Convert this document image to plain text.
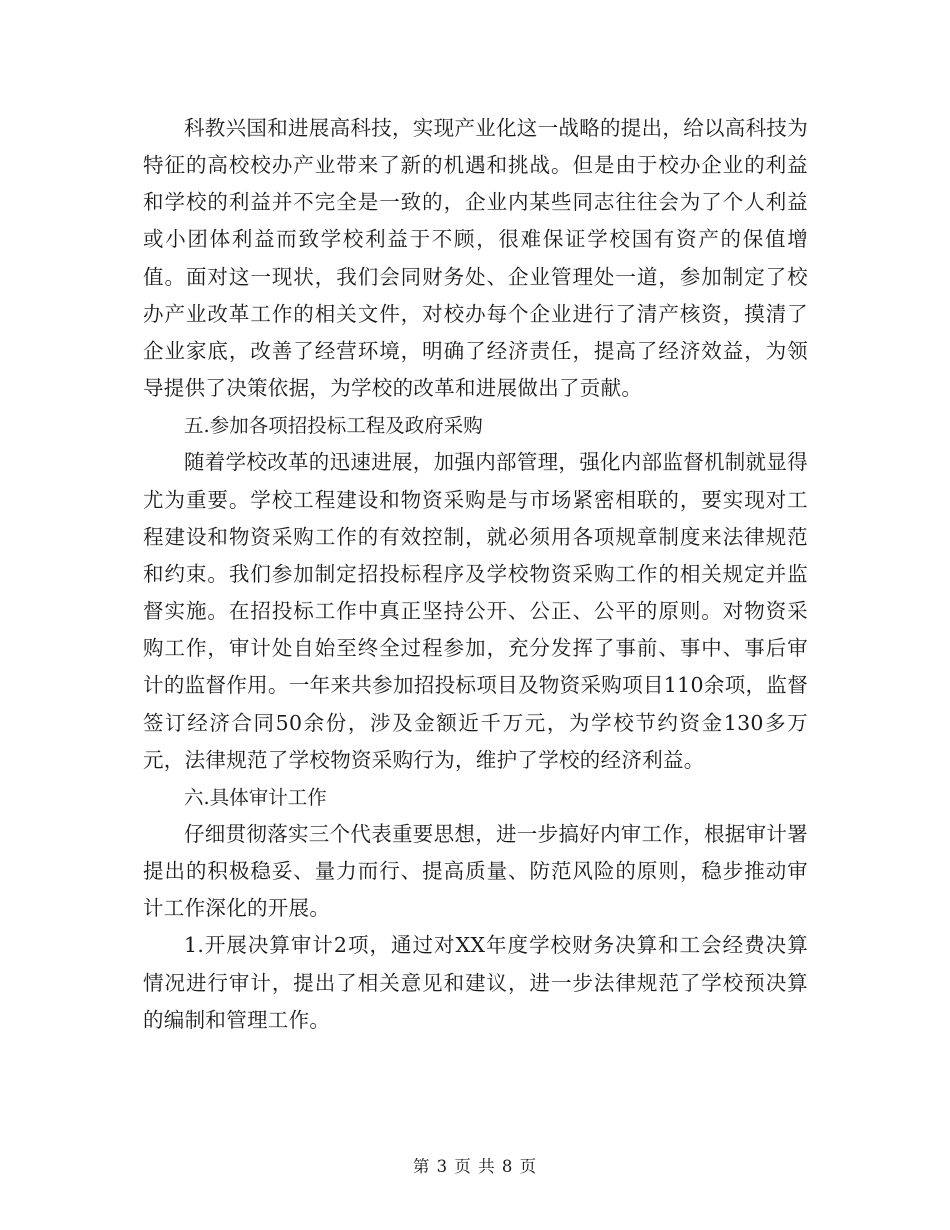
科教兴国和进展高科技，实现产业化这一战略的提出，给以高科技为特征的高校校办产业带来了新的机遇和挑战。但是由于校办企业的利益和学校的利益并不完全是一致的，企业内某些同志往往会为了个人利益或小团体利益而致学校利益于不顾，很难保证学校国有资产的保值增值。面对这一现状，我们会同财务处、企业管理处一道，参加制定了校办产业改革工作的相关文件，对校办每个企业进行了清产核资，摸清了企业家底，改善了经营环境，明确了经济责任，提高了经济效益，为领导提供了决策依据，为学校的改革和进展做出了贡献。

五.参加各项招投标工程及政府采购

随着学校改革的迅速进展，加强内部管理，强化内部监督机制就显得尤为重要。学校工程建设和物资采购是与市场紧密相联的，要实现对工程建设和物资采购工作的有效控制，就必须用各项规章制度来法律规范和约束。我们参加制定招投标程序及学校物资采购工作的相关规定并监督实施。在招投标工作中真正坚持公开、公正、公平的原则。对物资采购工作，审计处自始至终全过程参加，充分发挥了事前、事中、事后审计的监督作用。一年来共参加招投标项目及物资采购项目110余项，监督签订经济合同50余份，涉及金额近千万元，为学校节约资金130多万元，法律规范了学校物资采购行为，维护了学校的经济利益。

六.具体审计工作

仔细贯彻落实三个代表重要思想，进一步搞好内审工作，根据审计署提出的积极稳妥、量力而行、提高质量、防范风险的原则，稳步推动审计工作深化的开展。

1.开展决算审计2项，通过对XX年度学校财务决算和工会经费决算情况进行审计，提出了相关意见和建议，进一步法律规范了学校预决算的编制和管理工作。

第 3 页 共 8 页
